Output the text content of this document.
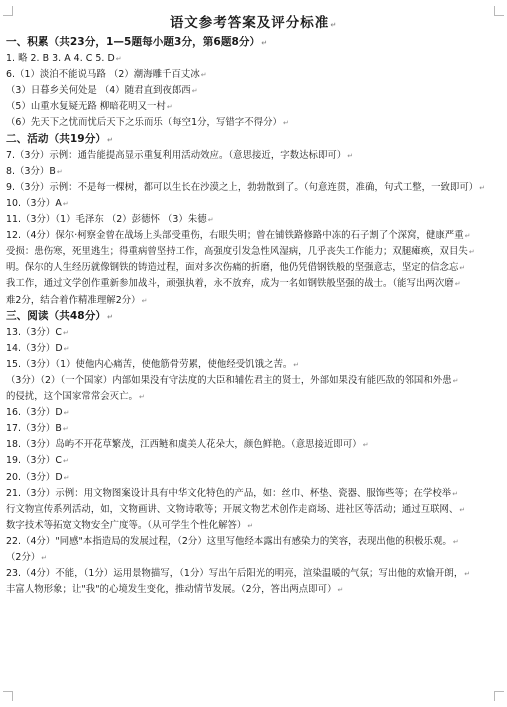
语文参考答案及评分标准↵
一、积累（共23分，1—5题每小题3分，第6题8分）↵
1. 略 2. B 3. A 4. C 5. D↵
6.（1）淡泊不能说马路 （2）潮海雕千百丈冰↵
（3）日暮乡关何处是 （4）随君直到夜郎西↵
（5）山重水复疑无路 柳暗花明又一村↵
（6）先天下之忧而忧后天下之乐而乐（每空1分，写错字不得分）↵
二、活动（共19分）↵
7.（3分）示例：通告能提高显示重复利用活动效应。（意思接近，字数达标即可）↵
8.（3分）B↵
9.（3分）示例：不是每一棵树，都可以生长在沙漠之上，勃勃散到了。（句意连贯，准确，句式工整，一致即可）↵
10.（3分）A↵
11.（3分）（1）毛泽东 （2）彭德怀 （3）朱德↵
12.（4分）保尔·柯察金曾在战场上头部受重伤，右眼失明；曾在铺铁路修路中冻的石子割了个深窝，健康严重↵
受损：患伤寒，死里逃生；得重病曾坚持工作，高强度引发急性风湿病，几乎丧失工作能力；双腿瘫痪，双目失↵
明。保尔的人生经历就像钢铁的铸造过程，面对多次伤痛的折磨，他仍凭借钢铁般的坚强意志，坚定的信念忘↵
我工作，通过文学创作重新参加战斗，顽强执着，永不放弃，成为一名如钢铁般坚强的战士。（能写出两次磨↵
难2分，结合着作精准理解2分）↵
三、阅读（共48分）↵
13.（3分）C↵
14.（3分）D↵
15.（3分）（1）使他内心痛苦，使他筋骨劳累，使他经受饥饿之苦。↵
（3分）（2）（一个国家）内部如果没有守法度的大臣和辅佐君主的贤士，外部如果没有能匹敌的邻国和外患↵
的侵扰，这个国家常常会灭亡。↵
16.（3分）D↵
17.（3分）B↵
18.（3分）岛屿不开花草繁茂，江西鲢和虞美人花朵大，颜色鲜艳。（意思接近即可）↵
19.（3分）C↵
20.（3分）D↵
21.（3分）示例：用文物图案设计具有中华文化特色的产品，如：丝巾、杯垫、瓷器、服饰些等；在学校举↵
行文物宣传系列活动，如，文物画讲、文物诗歌等；开展文物艺术创作走商场、进社区等活动；通过互联网、↵
数字技术等拓宽文物安全广度等。（从可学生个性化解答）↵
22.（4分）"同感"本指造局的发展过程，（2分）这里写他经本露出有感染力的笑容，表现出他的积极乐观。↵
（2分）↵
23.（4分）不能，（1分）运用景物描写，（1分）写出午后阳光的明亮，渲染温暖的气氛；写出他的欢愉开朗，↵
丰富人物形象；让"我"的心境发生变化，推动情节发展。（2分，答出两点即可）↵
